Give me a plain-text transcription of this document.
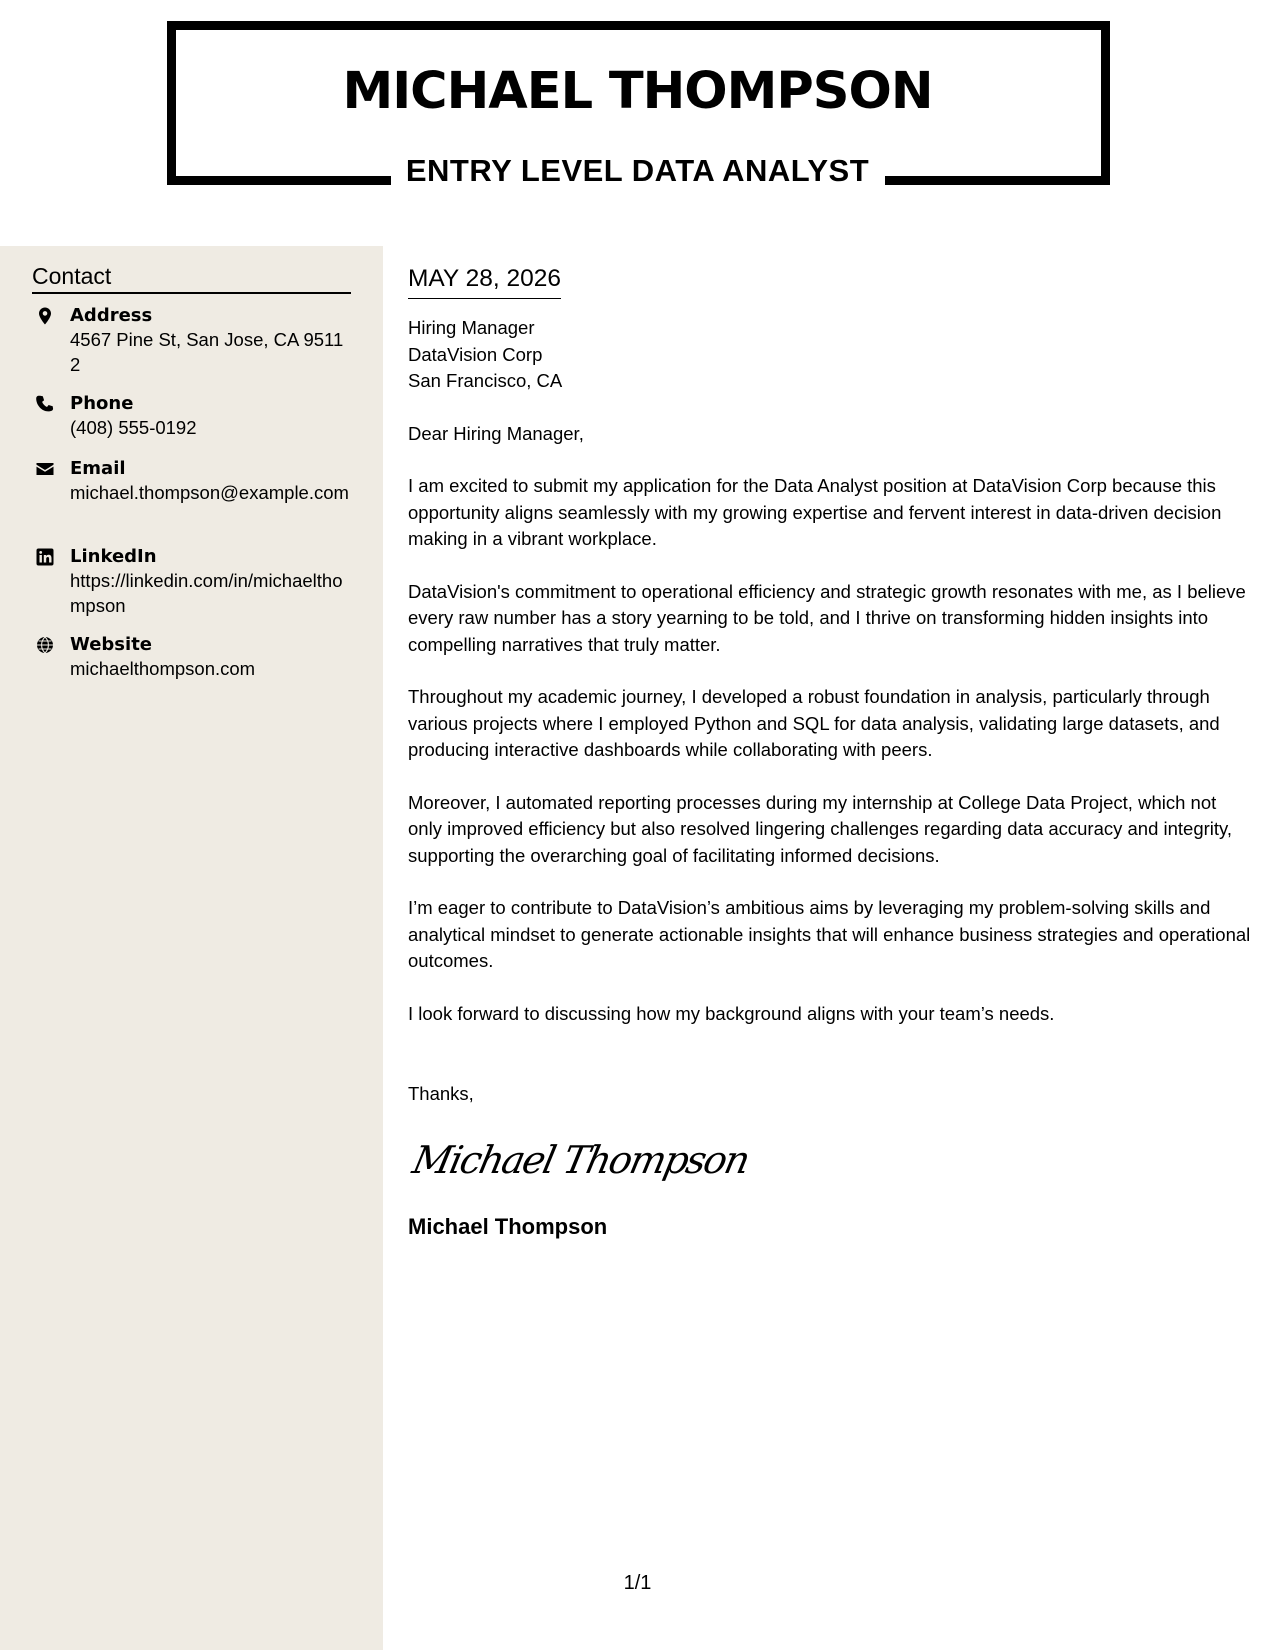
MICHAEL THOMPSON
ENTRY LEVEL DATA ANALYST
Contact
Address
4567 Pine St, San Jose, CA 95112
Phone
(408) 555-0192
Email
michael.thompson@example.com
LinkedIn
https://linkedin.com/in/michaelthompson
Website
michaelthompson.com
MAY 28, 2026
Hiring Manager
DataVision Corp
San Francisco, CA
Dear Hiring Manager,

I am excited to submit my application for the Data Analyst position at DataVision Corp because this opportunity aligns seamlessly with my growing expertise and fervent interest in data-driven decision making in a vibrant workplace.

DataVision's commitment to operational efficiency and strategic growth resonates with me, as I believe every raw number has a story yearning to be told, and I thrive on transforming hidden insights into compelling narratives that truly matter.

Throughout my academic journey, I developed a robust foundation in analysis, particularly through various projects where I employed Python and SQL for data analysis, validating large datasets, and producing interactive dashboards while collaborating with peers.

Moreover, I automated reporting processes during my internship at College Data Project, which not only improved efficiency but also resolved lingering challenges regarding data accuracy and integrity, supporting the overarching goal of facilitating informed decisions.

I’m eager to contribute to DataVision’s ambitious aims by leveraging my problem-solving skills and analytical mindset to generate actionable insights that will enhance business strategies and operational outcomes.

I look forward to discussing how my background aligns with your team’s needs.

Thanks,
Michael Thompson
Michael Thompson
1/1
